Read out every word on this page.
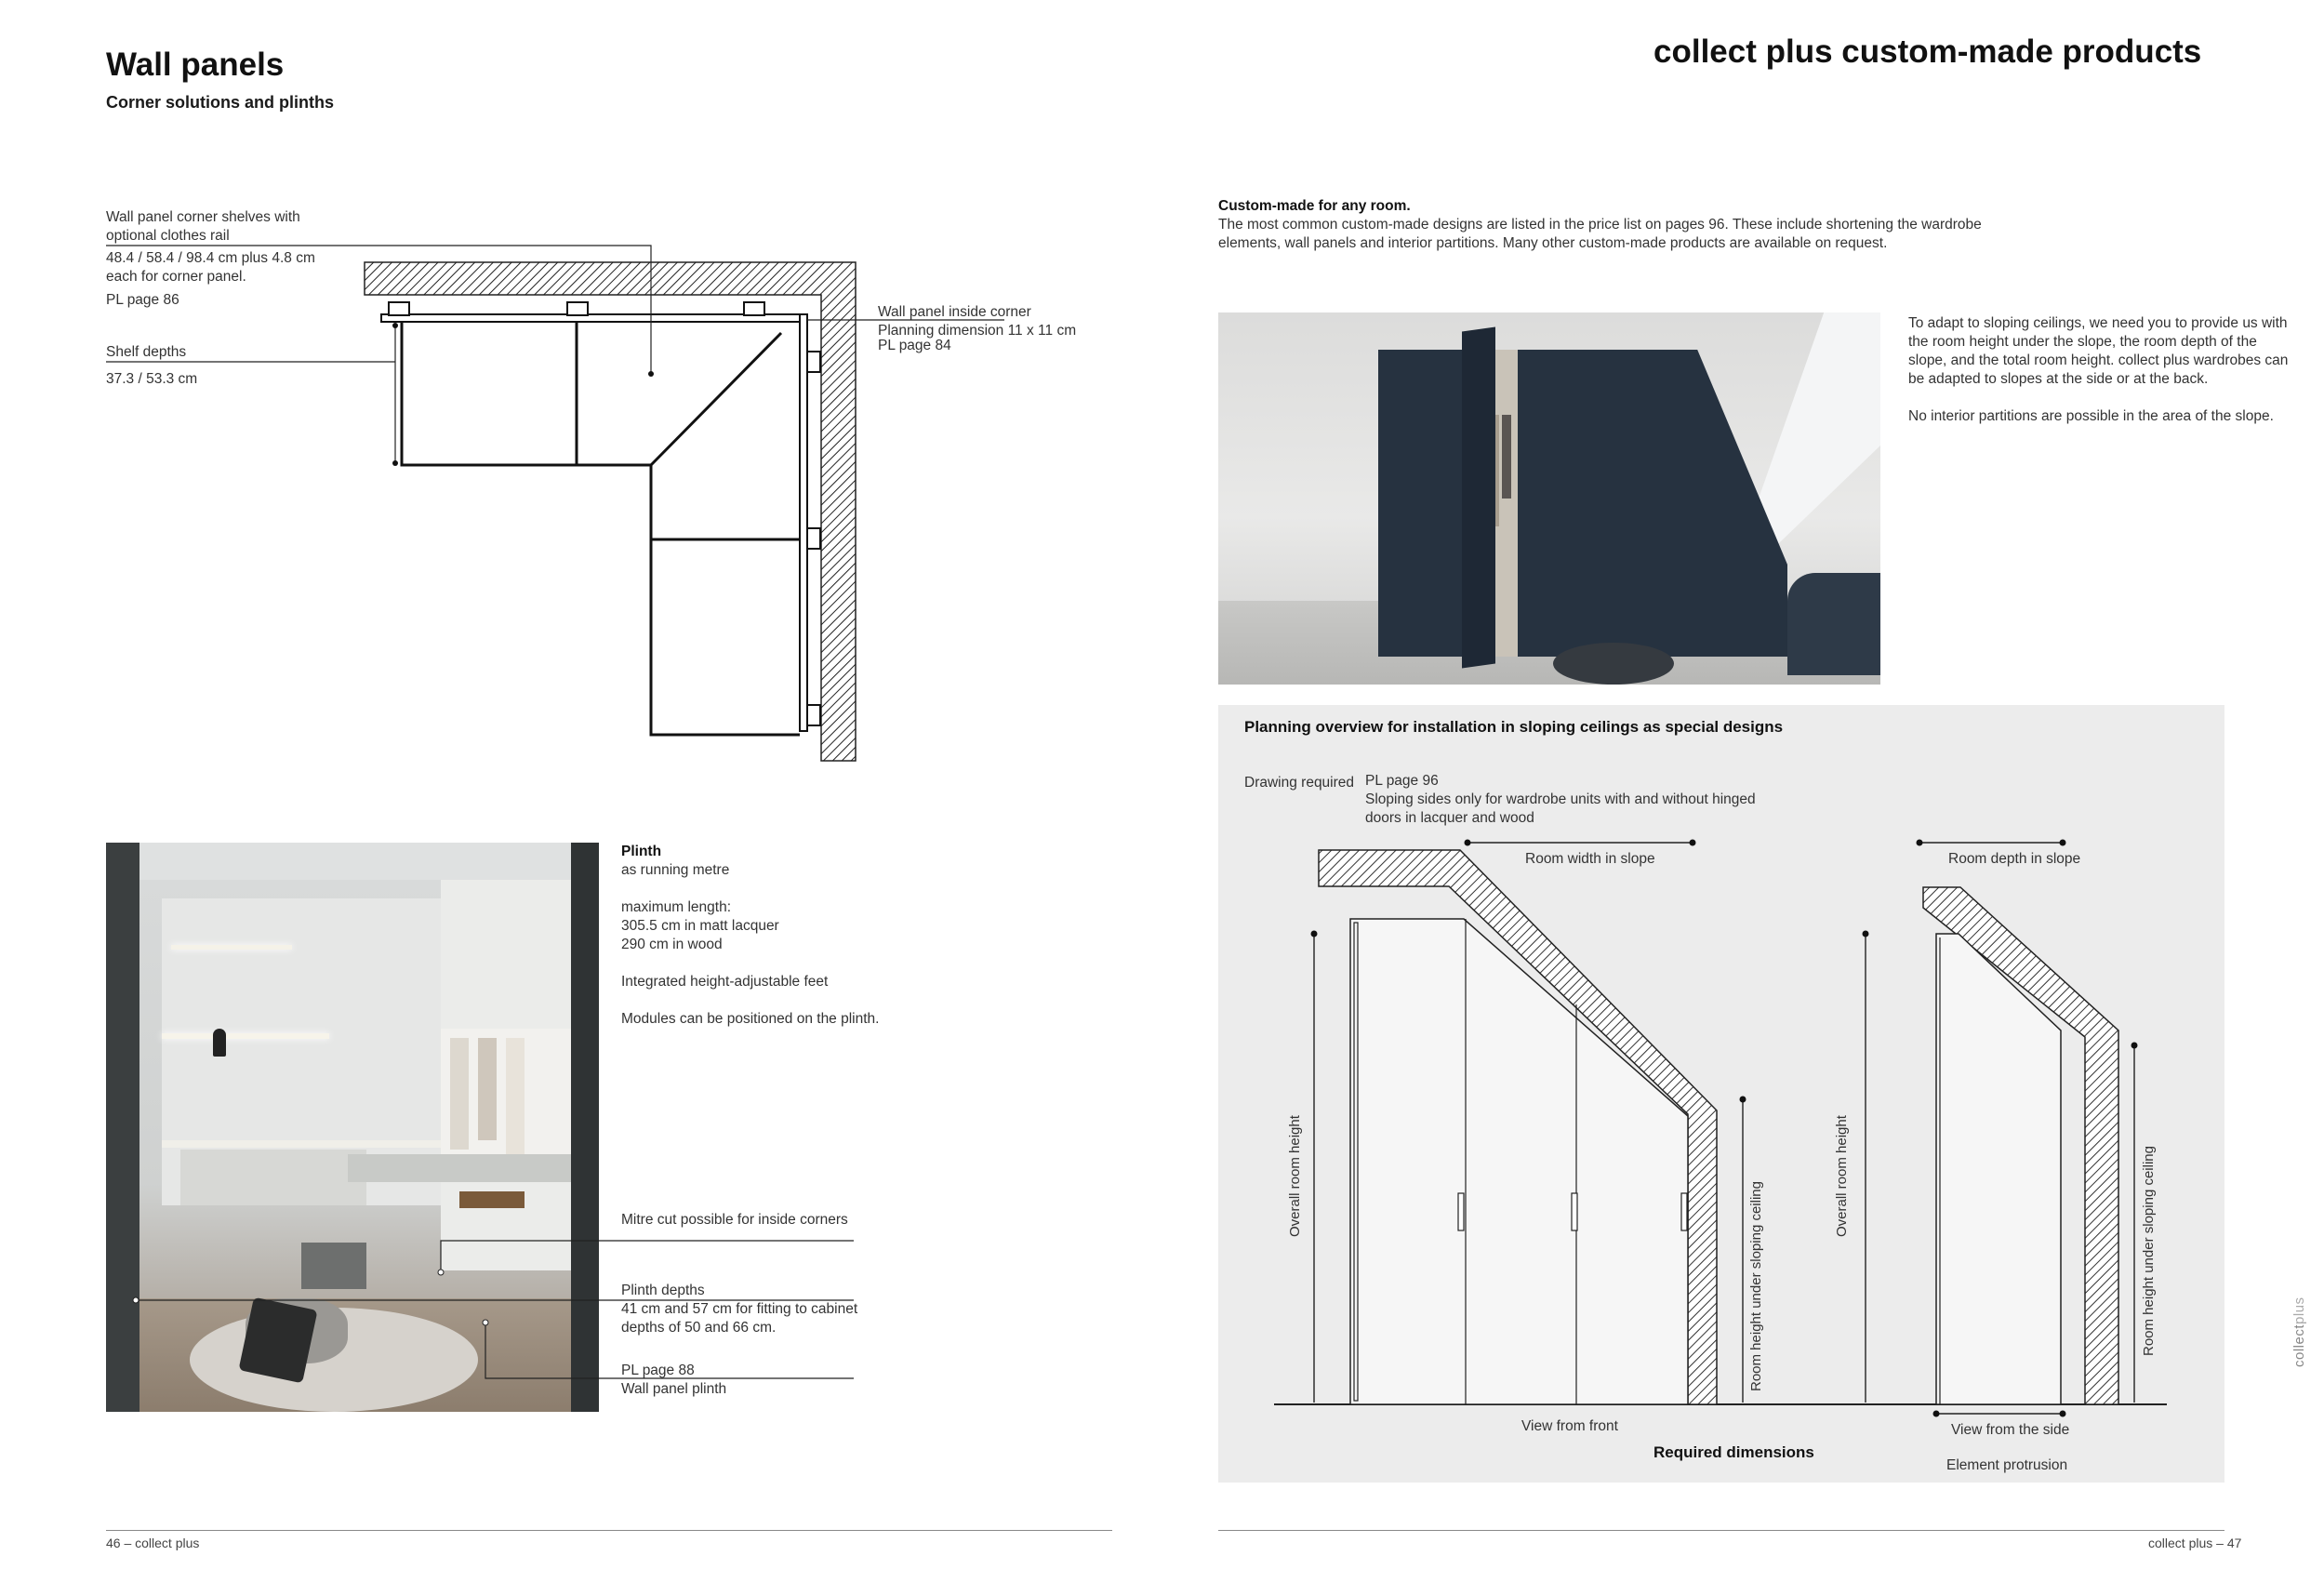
Wall panels
Corner solutions and plinths
Wall panel corner shelves with optional clothes rail
48.4 / 58.4 / 98.4 cm plus 4.8 cm each for corner panel.
PL page 86
Shelf depths
37.3 / 53.3 cm
Wall panel inside corner
Planning dimension 11 x 11 cm
PL page 84
Plinth
as running metre
maximum length:
305.5 cm in matt lacquer
290 cm in wood
Integrated height-adjustable feet
Modules can be positioned on the plinth.
Mitre cut possible for inside corners
Plinth depths
41 cm and 57 cm for fitting to cabinet
depths of 50 and 66 cm.
PL page 88
Wall panel plinth
46 – collect plus
collect plus custom-made products
Custom-made for any room.
The most common custom-made designs are listed in the price list on pages 96. These include shortening the wardrobe
elements, wall panels and interior partitions. Many other custom-made products are available on request.
To adapt to sloping ceilings, we need you to provide us with
the room height under the slope, the room depth of the
slope, and the total room height. collect plus wardrobes can
be adapted to slopes at the side or at the back.
No interior partitions are possible in the area of the slope.
Planning overview for installation in sloping ceilings as special designs
Drawing required PL page 96
Sloping sides only for wardrobe units with and without hinged
doors in lacquer and wood
Room width in slope	Room depth in slope
Overall room height
Room height under sloping ceiling
Overall room height	Room height under sloping ceiling
View from front	View from the side
Required dimensions
Element protrusion
collect plus – 47
collectplus
